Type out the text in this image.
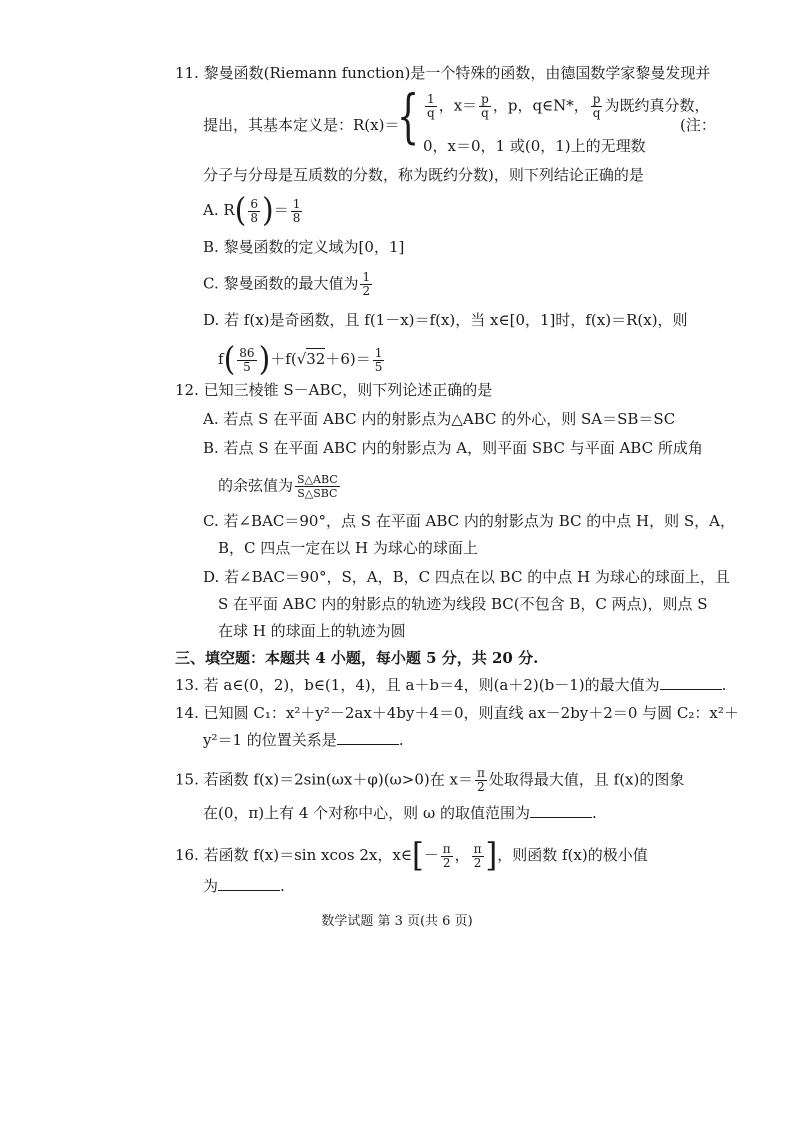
11. 黎曼函数(Riemann function)是一个特殊的函数，由德国数学家黎曼发现并
提出，其基本定义是：R(x)＝
{ $\frac{1}{q}$ ，$x= \frac{p}{q}$ ，p，q∈N*， $\frac{p}{q}$ 为既约真分数，
(注：
0，x＝0，1 或(0，1)上的无理数
分子与分母是互质数的分数，称为既约分数)，则下列结论正确的是
A. $R( \frac{6}{8}$ )＝ $\frac{1}{8}$
B. 黎曼函数的定义域为[0，1]
C. 黎曼函数的最大值为 $\frac{1}{2}$
D. 若 f(x)是奇函数，且 f(1－x)＝f(x)，当 x∈[0，1]时，f(x)＝R(x)，则
$f( \frac{86}{5} )+f(√32+6)= \frac{1}{5}$
12. 已知三棱锥 S－ABC，则下列论述正确的是
A. 若点 S 在平面 ABC 内的射影点为△ABC 的外心，则 SA＝SB＝SC
B. 若点 S 在平面 ABC 内的射影点为 A，则平面 SBC 与平面 ABC 所成角
的余弦值为 $\frac{\text{S△ABC}}{\text{S△SBC}}$
C. 若∠BAC＝90°，点 S 在平面 ABC 内的射影点为 BC 的中点 H，则 S，A，
B，C 四点一定在以 H 为球心的球面上
D. 若∠BAC＝90°，S，A，B，C 四点在以 BC 的中点 H 为球心的球面上，且
S 在平面 ABC 内的射影点的轨迹为线段 BC(不包含 B，C 两点)，则点 S
在球 H 的球面上的轨迹为圆
三、填空题：本题共 4 小题，每小题 5 分，共 20 分.
13. 若 a∈(0，2)，b∈(1，4)，且 a＋b＝4，则(a＋2)(b－1)的最大值为	.
14. 已知圆 C₁：x²＋y²－2ax＋4by＋4＝0，则直线 ax－2by＋2＝0 与圆 C₂：x²＋
y²＝1 的位置关系是	.
15. 若函数 f(x)＝2sin(ωx＋φ)(ω>0)在 $x= \frac{\pi}{2}$ 处取得最大值，且 f(x)的图象
在(0，π)上有 4 个对称中心，则 ω 的取值范围为	.
16. 若函数 f(x)＝sin xcos 2x，x∈[－ $\frac{\pi}{2}$ ， $\frac{\pi}{2}$ ]，则函数 f(x)的极小值
为	.
数学试题 第 3 页(共 6 页)
